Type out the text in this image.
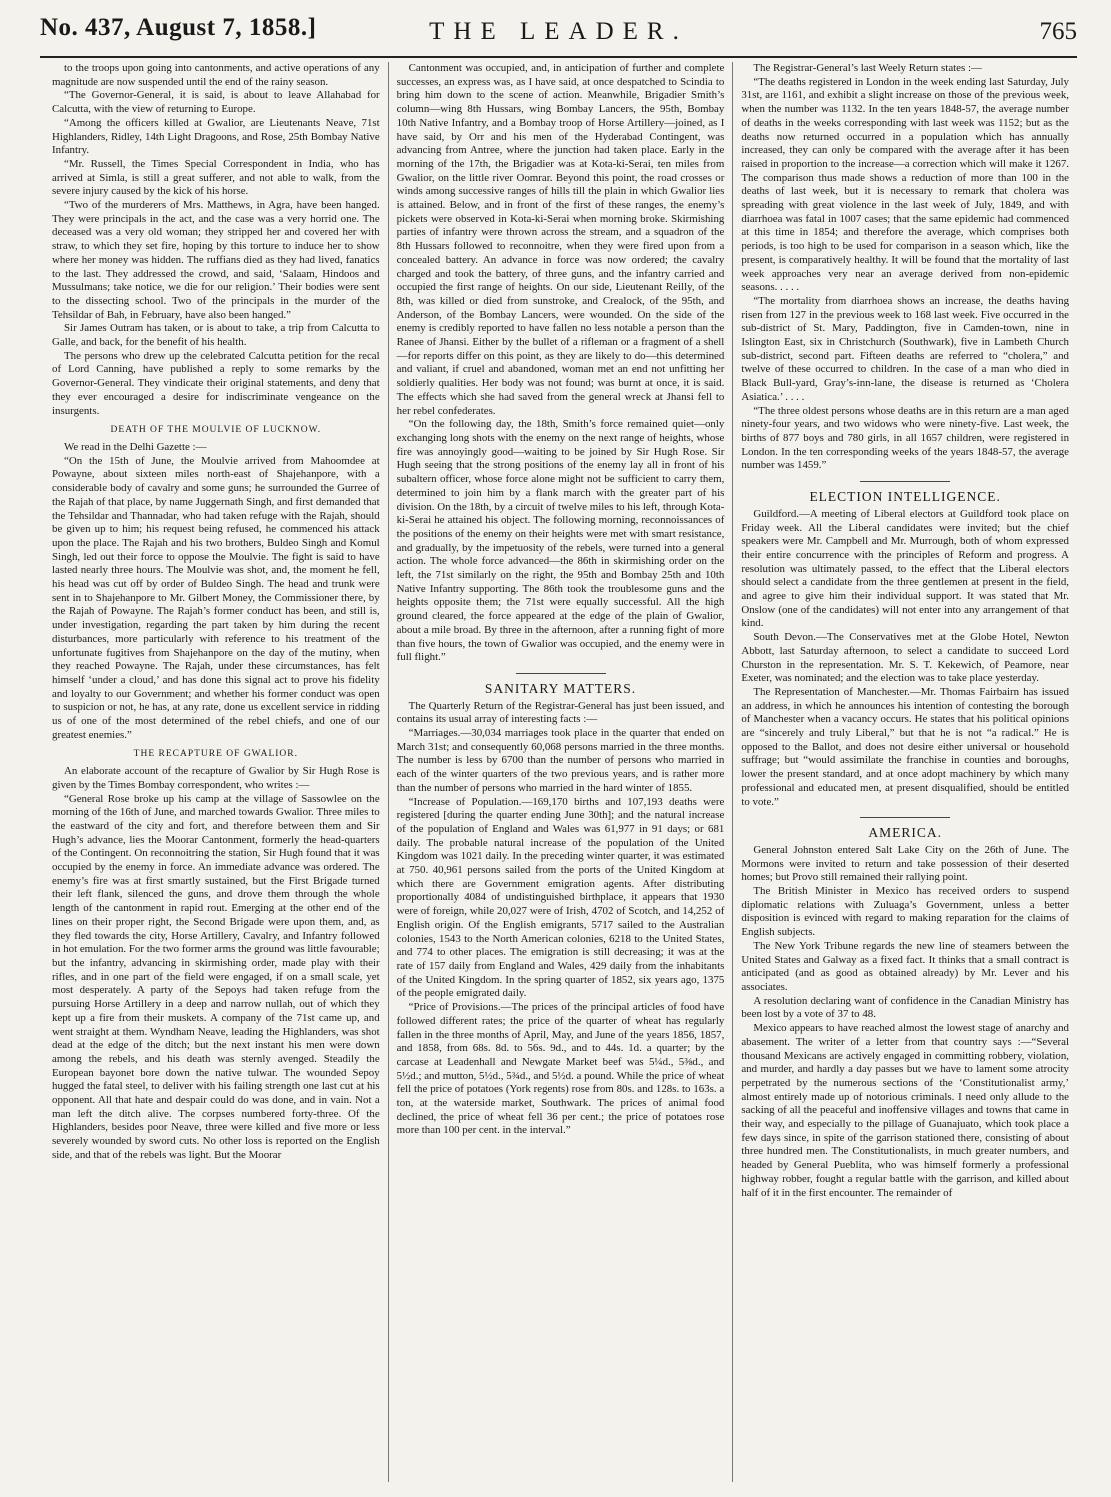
No. 437, August 7, 1858.]	THE LEADER.	765

to the troops upon going into cantonments, and active operations of any magnitude are now suspended until the end of the rainy season.

“The Governor-General, it is said, is about to leave Allahabad for Calcutta, with the view of returning to Europe.

“Among the officers killed at Gwalior, are Lieutenants Neave, 71st Highlanders, Ridley, 14th Light Dragoons, and Rose, 25th Bombay Native Infantry.

“Mr. Russell, the Times Special Correspondent in India, who has arrived at Simla, is still a great sufferer, and not able to walk, from the severe injury caused by the kick of his horse.

“Two of the murderers of Mrs. Matthews, in Agra, have been hanged. They were principals in the act, and the case was a very horrid one. The deceased was a very old woman; they stripped her and covered her with straw, to which they set fire, hoping by this torture to induce her to show where her money was hidden. The ruffians died as they had lived, fanatics to the last. They addressed the crowd, and said, ‘Salaam, Hindoos and Mussulmans; take notice, we die for our religion.’ Their bodies were sent to the dissecting school. Two of the principals in the murder of the Tehsildar of Bah, in February, have also been hanged.”

Sir James Outram has taken, or is about to take, a trip from Calcutta to Galle, and back, for the benefit of his health.

The persons who drew up the celebrated Calcutta petition for the recal of Lord Canning, have published a reply to some remarks by the Governor-General. They vindicate their original statements, and deny that they ever encouraged a desire for indiscriminate vengeance on the insurgents.

DEATH OF THE MOULVIE OF LUCKNOW.

We read in the Delhi Gazette :—

“On the 15th of June, the Moulvie arrived from Mahoomdee at Powayne, about sixteen miles north-east of Shajehanpore, with a considerable body of cavalry and some guns; he surrounded the Gurree of the Rajah of that place, by name Juggernath Singh, and first demanded that the Tehsildar and Thannadar, who had taken refuge with the Rajah, should be given up to him; his request being refused, he commenced his attack upon the place. The Rajah and his two brothers, Buldeo Singh and Komul Singh, led out their force to oppose the Moulvie. The fight is said to have lasted nearly three hours. The Moulvie was shot, and, the moment he fell, his head was cut off by order of Buldeo Singh. The head and trunk were sent in to Shajehanpore to Mr. Gilbert Money, the Commissioner there, by the Rajah of Powayne. The Rajah’s former conduct has been, and still is, under investigation, regarding the part taken by him during the recent disturbances, more particularly with reference to his treatment of the unfortunate fugitives from Shajehanpore on the day of the mutiny, when they reached Powayne. The Rajah, under these circumstances, has felt himself ‘under a cloud,’ and has done this signal act to prove his fidelity and loyalty to our Government; and whether his former conduct was open to suspicion or not, he has, at any rate, done us excellent service in ridding us of one of the most determined of the rebel chiefs, and one of our greatest enemies.”

THE RECAPTURE OF GWALIOR.

An elaborate account of the recapture of Gwalior by Sir Hugh Rose is given by the Times Bombay correspondent, who writes :—

“General Rose broke up his camp at the village of Sassowlee on the morning of the 16th of June, and marched towards Gwalior. Three miles to the eastward of the city and fort, and therefore between them and Sir Hugh’s advance, lies the Moorar Cantonment, formerly the head-quarters of the Contingent. On reconnoitring the station, Sir Hugh found that it was occupied by the enemy in force. An immediate advance was ordered. The enemy’s fire was at first smartly sustained, but the First Brigade turned their left flank, silenced the guns, and drove them through the whole length of the cantonment in rapid rout. Emerging at the other end of the lines on their proper right, the Second Brigade were upon them, and, as they fled towards the city, Horse Artillery, Cavalry, and Infantry followed in hot emulation. For the two former arms the ground was little favourable; but the infantry, advancing in skirmishing order, made play with their rifles, and in one part of the field were engaged, if on a small scale, yet most desperately. A party of the Sepoys had taken refuge from the pursuing Horse Artillery in a deep and narrow nullah, out of which they kept up a fire from their muskets. A company of the 71st came up, and went straight at them. Wyndham Neave, leading the Highlanders, was shot dead at the edge of the ditch; but the next instant his men were down among the rebels, and his death was sternly avenged. Steadily the European bayonet bore down the native tulwar. The wounded Sepoy hugged the fatal steel, to deliver with his failing strength one last cut at his opponent. All that hate and despair could do was done, and in vain. Not a man left the ditch alive. The corpses numbered forty-three. Of the Highlanders, besides poor Neave, three were killed and five more or less severely wounded by sword cuts. No other loss is reported on the English side, and that of the rebels was light. But the Moorar

Cantonment was occupied, and, in anticipation of further and complete successes, an express was, as I have said, at once despatched to Scindia to bring him down to the scene of action. Meanwhile, Brigadier Smith’s column—wing 8th Hussars, wing Bombay Lancers, the 95th, Bombay 10th Native Infantry, and a Bombay troop of Horse Artillery—joined, as I have said, by Orr and his men of the Hyderabad Contingent, was advancing from Antree, where the junction had taken place. Early in the morning of the 17th, the Brigadier was at Kota-ki-Serai, ten miles from Gwalior, on the little river Oomrar. Beyond this point, the road crosses or winds among successive ranges of hills till the plain in which Gwalior lies is attained. Below, and in front of the first of these ranges, the enemy’s pickets were observed in Kota-ki-Serai when morning broke. Skirmishing parties of infantry were thrown across the stream, and a squadron of the 8th Hussars followed to reconnoitre, when they were fired upon from a concealed battery. An advance in force was now ordered; the cavalry charged and took the battery, of three guns, and the infantry carried and occupied the first range of heights. On our side, Lieutenant Reilly, of the 8th, was killed or died from sunstroke, and Crealock, of the 95th, and Anderson, of the Bombay Lancers, were wounded. On the side of the enemy is credibly reported to have fallen no less notable a person than the Ranee of Jhansi. Either by the bullet of a rifleman or a fragment of a shell—for reports differ on this point, as they are likely to do—this determined and valiant, if cruel and abandoned, woman met an end not unfitting her soldierly qualities. Her body was not found; was burnt at once, it is said. The effects which she had saved from the general wreck at Jhansi fell to her rebel confederates.

“On the following day, the 18th, Smith’s force remained quiet—only exchanging long shots with the enemy on the next range of heights, whose fire was annoyingly good—waiting to be joined by Sir Hugh Rose. Sir Hugh seeing that the strong positions of the enemy lay all in front of his subaltern officer, whose force alone might not be sufficient to carry them, determined to join him by a flank march with the greater part of his division. On the 18th, by a circuit of twelve miles to his left, through Kota-ki-Serai he attained his object. The following morning, reconnoissances of the positions of the enemy on their heights were met with smart resistance, and gradually, by the impetuosity of the rebels, were turned into a general action. The whole force advanced—the 86th in skirmishing order on the left, the 71st similarly on the right, the 95th and Bombay 25th and 10th Native Infantry supporting. The 86th took the troublesome guns and the heights opposite them; the 71st were equally successful. All the high ground cleared, the force appeared at the edge of the plain of Gwalior, about a mile broad. By three in the afternoon, after a running fight of more than five hours, the town of Gwalior was occupied, and the enemy were in full flight.”

SANITARY MATTERS.

The Quarterly Return of the Registrar-General has just been issued, and contains its usual array of interesting facts :—

“Marriages.—30,034 marriages took place in the quarter that ended on March 31st; and consequently 60,068 persons married in the three months. The number is less by 6700 than the number of persons who married in each of the winter quarters of the two previous years, and is rather more than the number of persons who married in the hard winter of 1855.

“Increase of Population.—169,170 births and 107,193 deaths were registered [during the quarter ending June 30th]; and the natural increase of the population of England and Wales was 61,977 in 91 days; or 681 daily. The probable natural increase of the population of the United Kingdom was 1021 daily. In the preceding winter quarter, it was estimated at 750. 40,961 persons sailed from the ports of the United Kingdom at which there are Government emigration agents. After distributing proportionally 4084 of undistinguished birthplace, it appears that 1930 were of foreign, while 20,027 were of Irish, 4702 of Scotch, and 14,252 of English origin. Of the English emigrants, 5717 sailed to the Australian colonies, 1543 to the North American colonies, 6218 to the United States, and 774 to other places. The emigration is still decreasing; it was at the rate of 157 daily from England and Wales, 429 daily from the inhabitants of the United Kingdom. In the spring quarter of 1852, six years ago, 1375 of the people emigrated daily.

“Price of Provisions.—The prices of the principal articles of food have followed different rates; the price of the quarter of wheat has regularly fallen in the three months of April, May, and June of the years 1856, 1857, and 1858, from 68s. 8d. to 56s. 9d., and to 44s. 1d. a quarter; by the carcase at Leadenhall and Newgate Market beef was 5¼d., 5⅜d., and 5½d.; and mutton, 5½d., 5¾d., and 5½d. a pound. While the price of wheat fell the price of potatoes (York regents) rose from 80s. and 128s. to 163s. a ton, at the waterside market, Southwark. The prices of animal food declined, the price of wheat fell 36 per cent.; the price of potatoes rose more than 100 per cent. in the interval.”

The Registrar-General’s last Weely Return states :—

“The deaths registered in London in the week ending last Saturday, July 31st, are 1161, and exhibit a slight increase on those of the previous week, when the number was 1132. In the ten years 1848-57, the average number of deaths in the weeks corresponding with last week was 1152; but as the deaths now returned occurred in a population which has annually increased, they can only be compared with the average after it has been raised in proportion to the increase—a correction which will make it 1267. The comparison thus made shows a reduction of more than 100 in the deaths of last week, but it is necessary to remark that cholera was spreading with great violence in the last week of July, 1849, and with diarrhoea was fatal in 1007 cases; that the same epidemic had commenced at this time in 1854; and therefore the average, which comprises both periods, is too high to be used for comparison in a season which, like the present, is comparatively healthy. It will be found that the mortality of last week approaches very near an average derived from non-epidemic seasons. . . . .

“The mortality from diarrhoea shows an increase, the deaths having risen from 127 in the previous week to 168 last week. Five occurred in the sub-district of St. Mary, Paddington, five in Camden-town, nine in Islington East, six in Christchurch (Southwark), five in Lambeth Church sub-district, second part. Fifteen deaths are referred to “cholera,” and twelve of these occurred to children. In the case of a man who died in Black Bull-yard, Gray’s-inn-lane, the disease is returned as ‘Cholera Asiatica.’ . . . .

“The three oldest persons whose deaths are in this return are a man aged ninety-four years, and two widows who were ninety-five. Last week, the births of 877 boys and 780 girls, in all 1657 children, were registered in London. In the ten corresponding weeks of the years 1848-57, the average number was 1459.”

ELECTION INTELLIGENCE.

Guildford.—A meeting of Liberal electors at Guildford took place on Friday week. All the Liberal candidates were invited; but the chief speakers were Mr. Campbell and Mr. Murrough, both of whom expressed their entire concurrence with the principles of Reform and progress. A resolution was ultimately passed, to the effect that the Liberal electors should select a candidate from the three gentlemen at present in the field, and agree to give him their individual support. It was stated that Mr. Onslow (one of the candidates) will not enter into any arrangement of that kind.

South Devon.—The Conservatives met at the Globe Hotel, Newton Abbott, last Saturday afternoon, to select a candidate to succeed Lord Churston in the representation. Mr. S. T. Kekewich, of Peamore, near Exeter, was nominated; and the election was to take place yesterday.

The Representation of Manchester.—Mr. Thomas Fairbairn has issued an address, in which he announces his intention of contesting the borough of Manchester when a vacancy occurs. He states that his political opinions are “sincerely and truly Liberal,” but that he is not “a radical.” He is opposed to the Ballot, and does not desire either universal or household suffrage; but “would assimilate the franchise in counties and boroughs, lower the present standard, and at once adopt machinery by which many professional and educated men, at present disqualified, should be entitled to vote.”

AMERICA.

General Johnston entered Salt Lake City on the 26th of June. The Mormons were invited to return and take possession of their deserted homes; but Provo still remained their rallying point.

The British Minister in Mexico has received orders to suspend diplomatic relations with Zuluaga’s Government, unless a better disposition is evinced with regard to making reparation for the claims of English subjects.

The New York Tribune regards the new line of steamers between the United States and Galway as a fixed fact. It thinks that a small contract is anticipated (and as good as obtained already) by Mr. Lever and his associates.

A resolution declaring want of confidence in the Canadian Ministry has been lost by a vote of 37 to 48.

Mexico appears to have reached almost the lowest stage of anarchy and abasement. The writer of a letter from that country says :—“Several thousand Mexicans are actively engaged in committing robbery, violation, and murder, and hardly a day passes but we have to lament some atrocity perpetrated by the numerous sections of the ‘Constitutionalist army,’ almost entirely made up of notorious criminals. I need only allude to the sacking of all the peaceful and inoffensive villages and towns that came in their way, and especially to the pillage of Guanajuato, which took place a few days since, in spite of the garrison stationed there, consisting of about three hundred men. The Constitutionalists, in much greater numbers, and headed by General Pueblita, who was himself formerly a professional highway robber, fought a regular battle with the garrison, and killed about half of it in the first encounter. The remainder of
